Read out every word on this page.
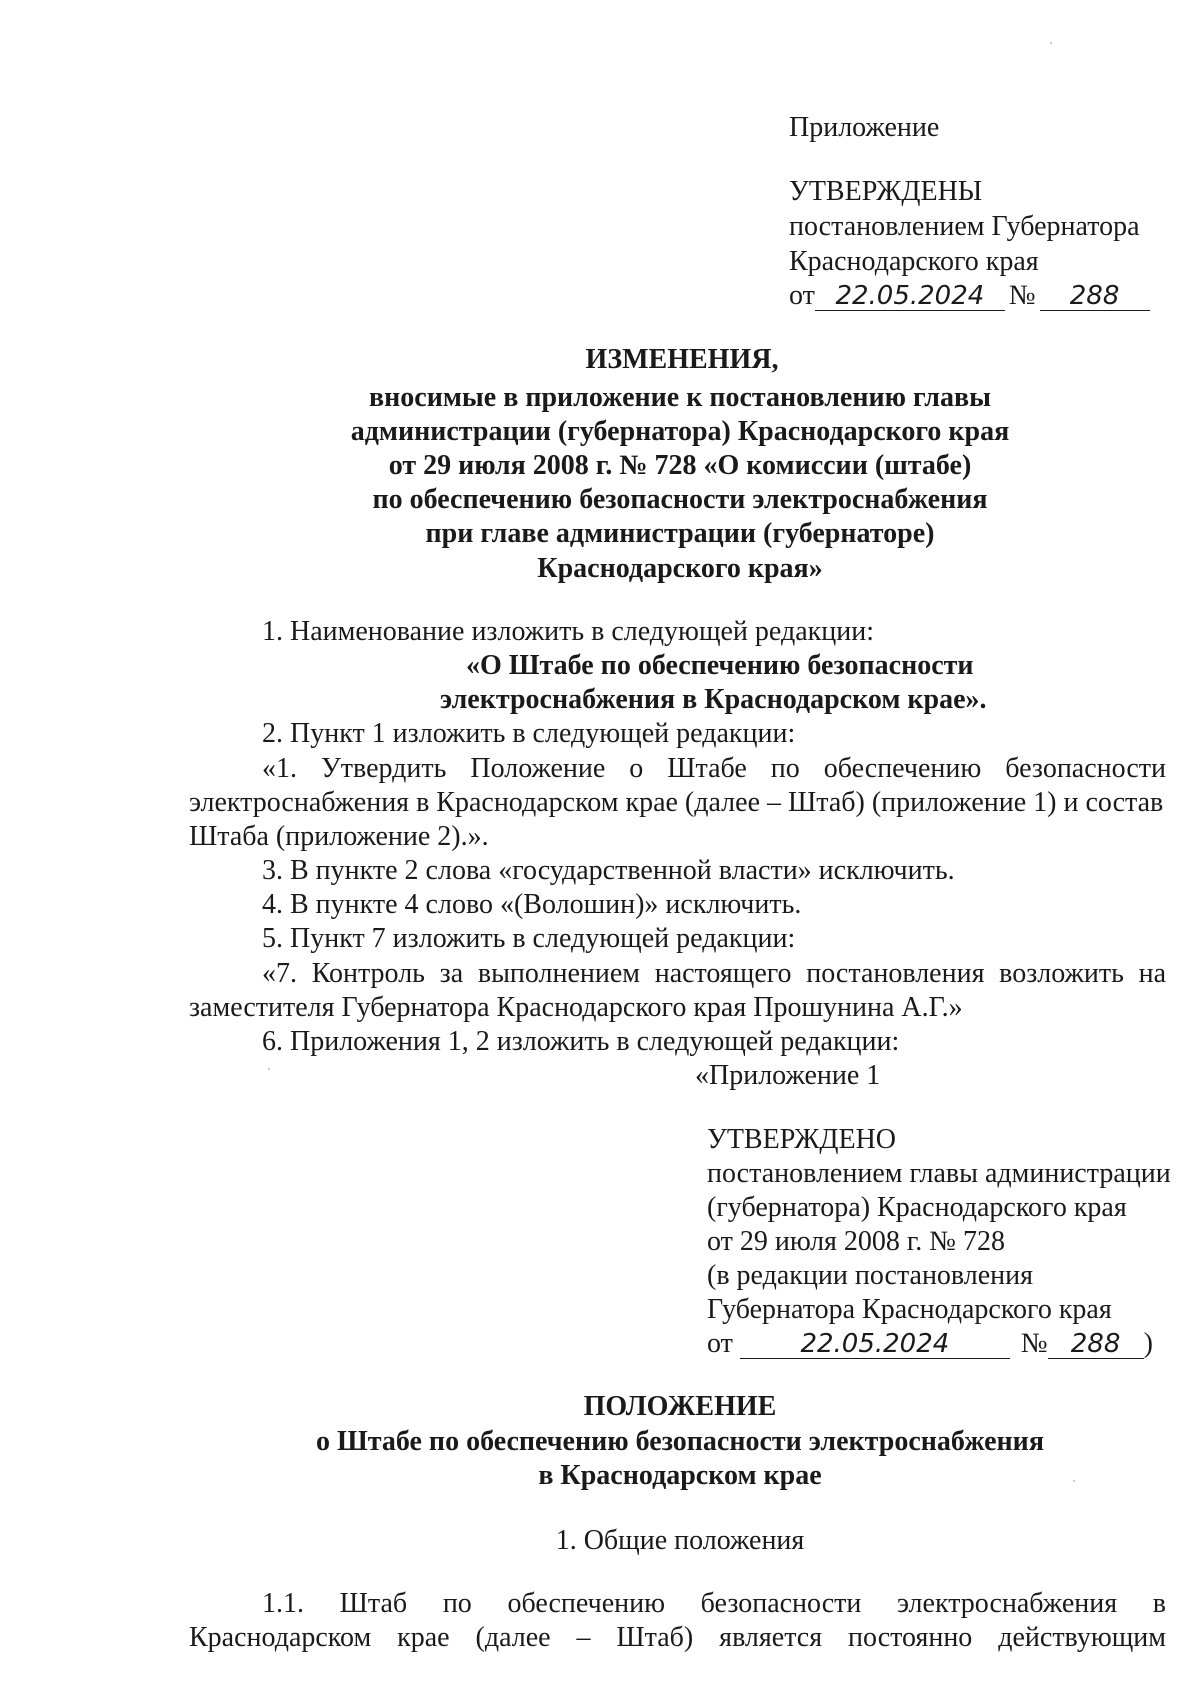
Приложение
УТВЕРЖДЕНЫ
постановлением Губернатора
Краснодарского края
от 22.05.2024 № 288
ИЗМЕНЕНИЯ,
вносимые в приложение к постановлению главы
администрации (губернатора) Краснодарского края
от 29 июля 2008 г. № 728 «О комиссии (штабе)
по обеспечению безопасности электроснабжения
при главе администрации (губернаторе)
Краснодарского края»
1. Наименование изложить в следующей редакции:
«О Штабе по обеспечению безопасности
электроснабжения в Краснодарском крае».
2. Пункт 1 изложить в следующей редакции:
«1. Утвердить Положение о Штабе по обеспечению безопасности
электроснабжения в Краснодарском крае (далее – Штаб) (приложение 1) и состав
Штаба (приложение 2).».
3. В пункте 2 слова «государственной власти» исключить.
4. В пункте 4 слово «(Волошин)» исключить.
5. Пункт 7 изложить в следующей редакции:
«7. Контроль за выполнением настоящего постановления возложить на
заместителя Губернатора Краснодарского края Прошунина А.Г.»
6. Приложения 1, 2 изложить в следующей редакции:
«Приложение 1
УТВЕРЖДЕНО
постановлением главы администрации
(губернатора) Краснодарского края
от 29 июля 2008 г. № 728
(в редакции постановления
Губернатора Краснодарского края
от	22.05.2024	№ 288 )
ПОЛОЖЕНИЕ
о Штабе по обеспечению безопасности электроснабжения
в Краснодарском крае
1. Общие положения
1.1. Штаб по обеспечению безопасности электроснабжения в
Краснодарском крае (далее – Штаб) является постоянно действующим
